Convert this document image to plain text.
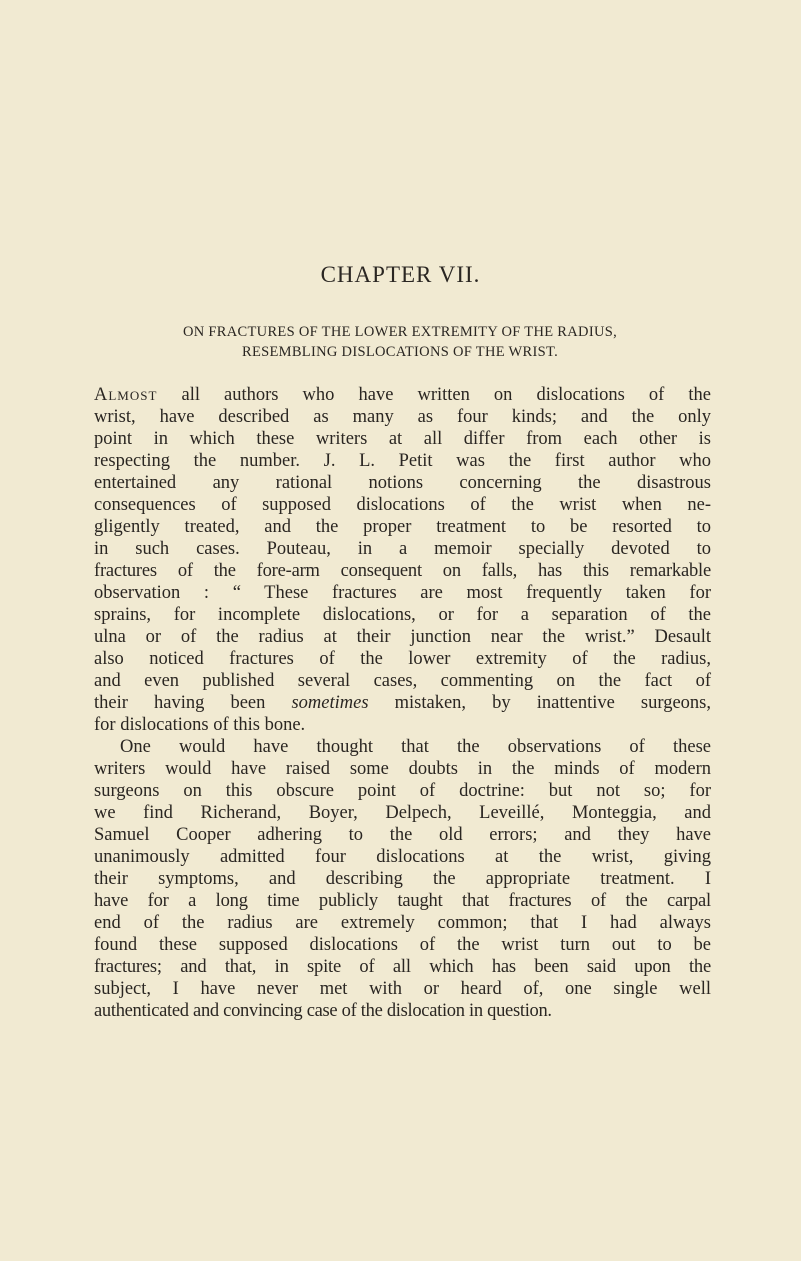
CHAPTER VII.
ON FRACTURES OF THE LOWER EXTREMITY OF THE RADIUS,
RESEMBLING DISLOCATIONS OF THE WRIST.
Almost all authors who have written on dislocations of the
wrist, have described as many as four kinds; and the only
point in which these writers at all differ from each other is
respecting the number. J. L. Petit was the first author who
entertained any rational notions concerning the disastrous
consequences of supposed dislocations of the wrist when ne-
gligently treated, and the proper treatment to be resorted to
in such cases. Pouteau, in a memoir specially devoted to
fractures of the fore-arm consequent on falls, has this remarkable
observation : “ These fractures are most frequently taken for
sprains, for incomplete dislocations, or for a separation of the
ulna or of the radius at their junction near the wrist.” Desault
also noticed fractures of the lower extremity of the radius,
and even published several cases, commenting on the fact of
their having been sometimes mistaken, by inattentive surgeons,
for dislocations of this bone.
One would have thought that the observations of these
writers would have raised some doubts in the minds of modern
surgeons on this obscure point of doctrine: but not so; for
we find Richerand, Boyer, Delpech, Leveillé, Monteggia, and
Samuel Cooper adhering to the old errors; and they have
unanimously admitted four dislocations at the wrist, giving
their symptoms, and describing the appropriate treatment. I
have for a long time publicly taught that fractures of the carpal
end of the radius are extremely common; that I had always
found these supposed dislocations of the wrist turn out to be
fractures; and that, in spite of all which has been said upon the
subject, I have never met with or heard of, one single well
authenticated and convincing case of the dislocation in question.
